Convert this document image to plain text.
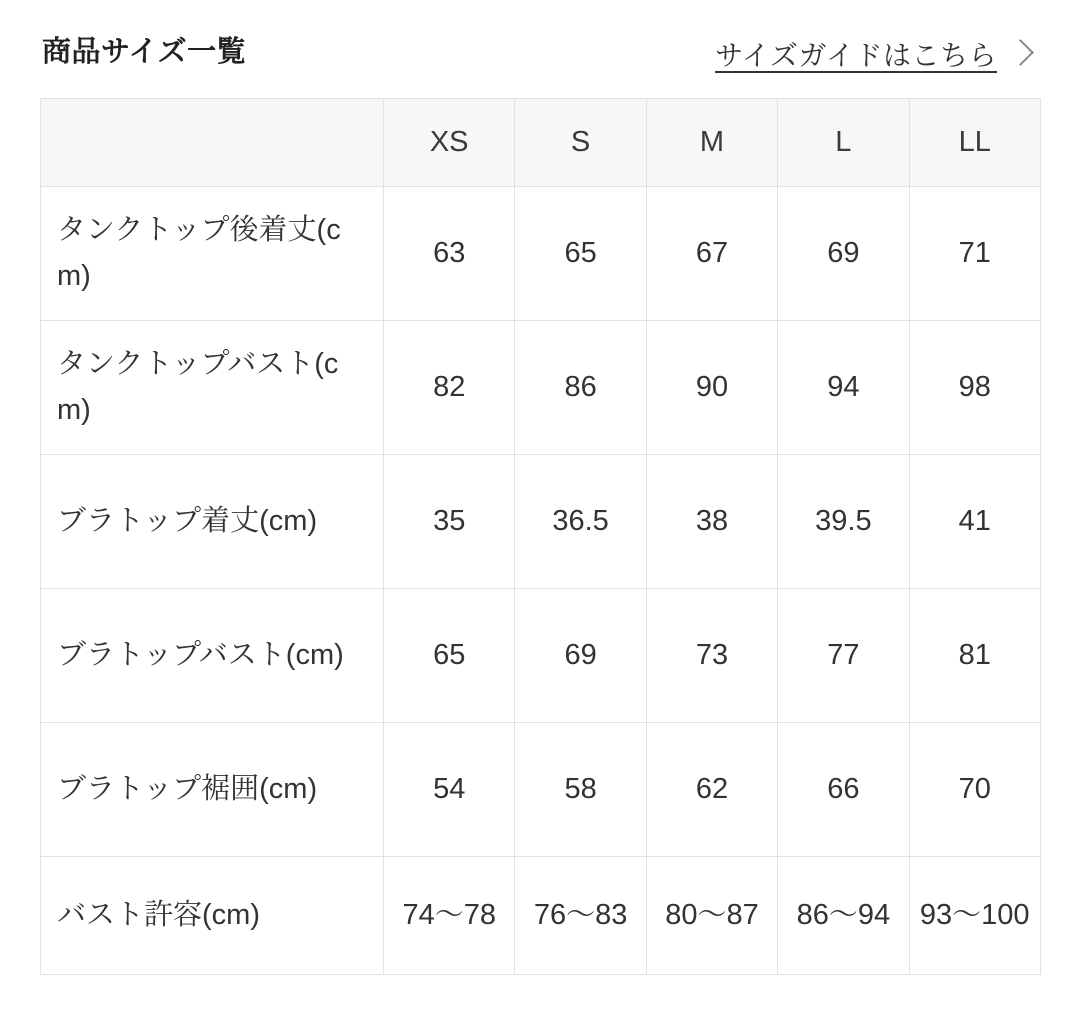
商品サイズ一覧	サイズガイドはこちら
	XS	S	M	L	LL
タンクトップ後着丈(cm)	63	65	67	69	71
タンクトップバスト(cm)	82	86	90	94	98
ブラトップ着丈(cm)	35	36.5	38	39.5	41
ブラトップバスト(cm)	65	69	73	77	81
ブラトップ裾囲(cm)	54	58	62	66	70
バスト許容(cm)	74〜78	76〜83	80〜87	86〜94	93〜100
